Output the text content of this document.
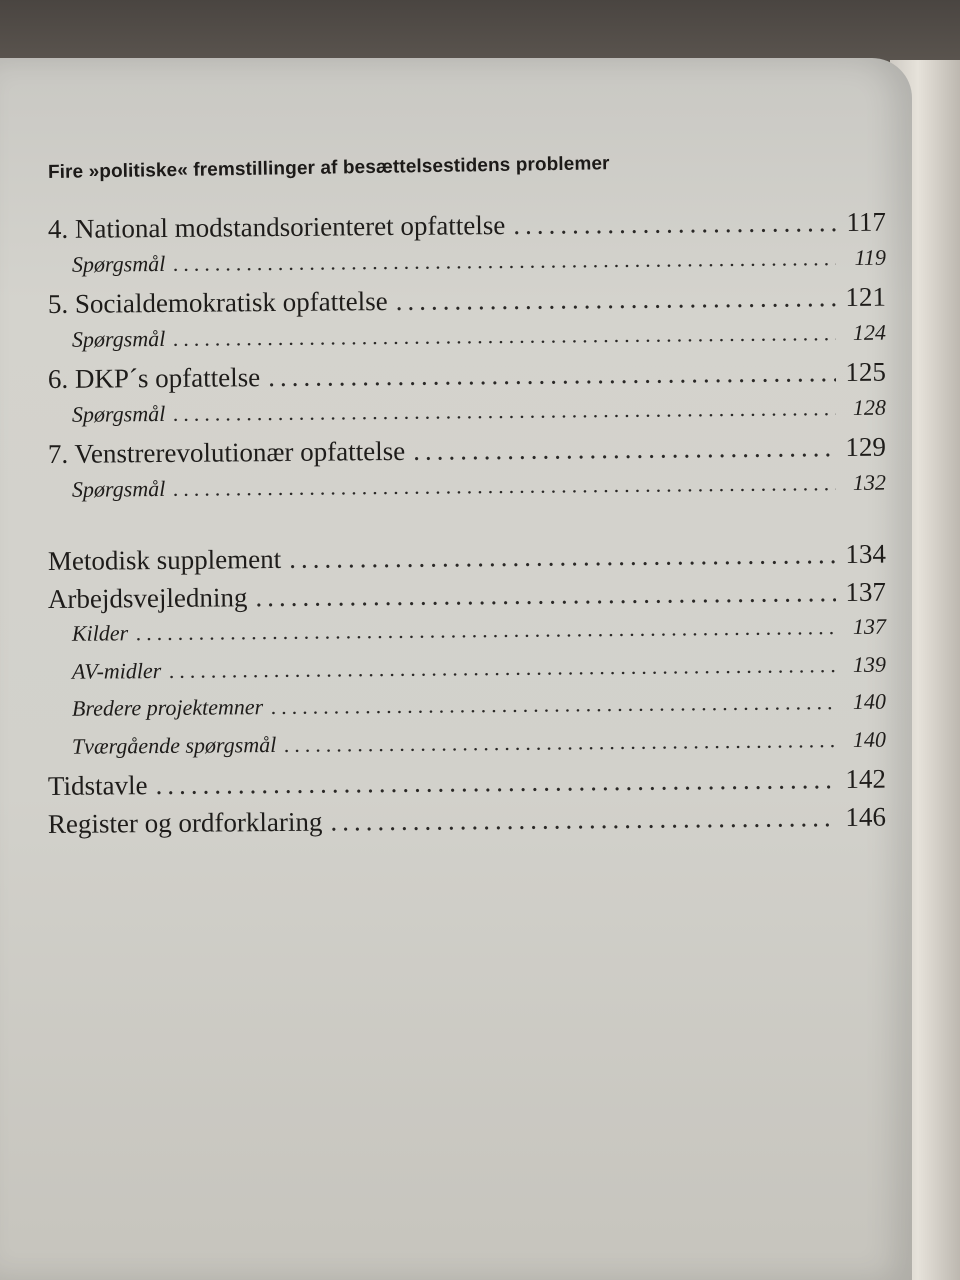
Fire »politiske« fremstillinger af besættelsestidens problemer
4. National modstandsorienteret opfattelse .....	117
Spørgsmål .....	119
5. Socialdemokratisk opfattelse .....	121
Spørgsmål .....	124
6. DKP´s opfattelse .....	125
Spørgsmål .....	128
7. Venstrerevolutionær opfattelse .....	129
Spørgsmål .....	132
Metodisk supplement .....	134
Arbejdsvejledning .....	137
Kilder .....	137
AV-midler .....	139
Bredere projektemner .....	140
Tværgående spørgsmål .....	140
Tidstavle .....	142
Register og ordforklaring .....	146
